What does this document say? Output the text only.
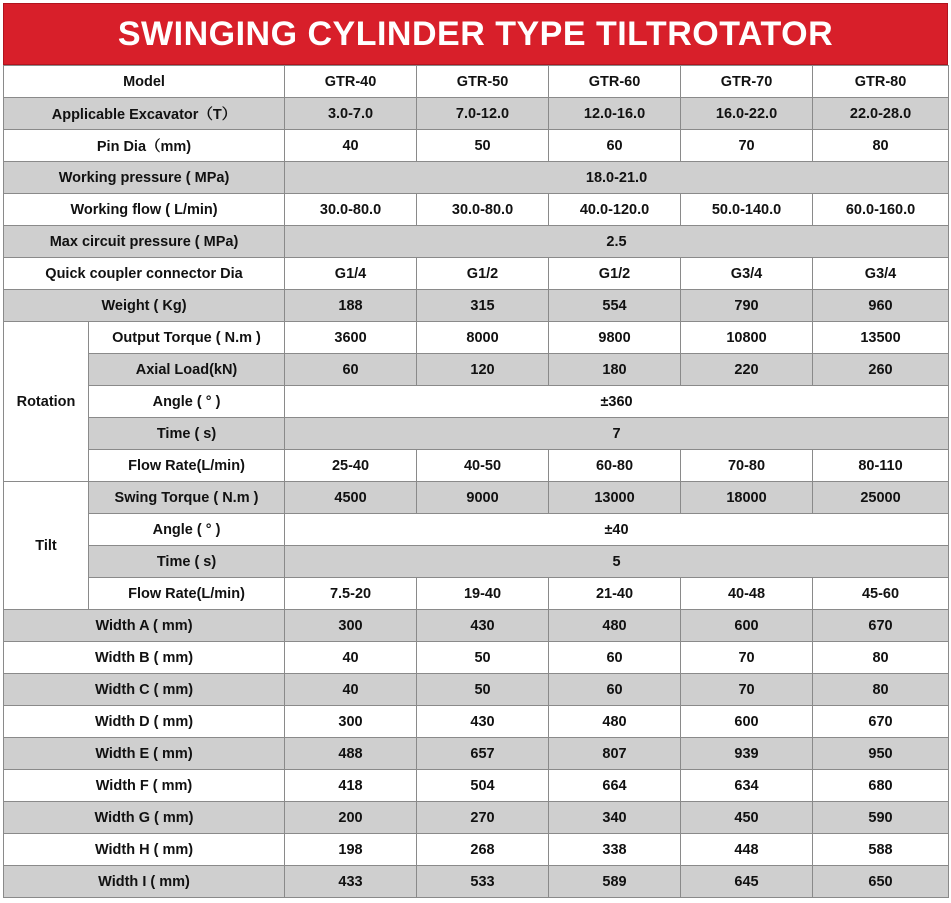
SWINGING CYLINDER TYPE TILTROTATOR
Model		GTR-40	GTR-50	GTR-60	GTR-70	GTR-80
Applicable Excavator（T）		3.0-7.0	7.0-12.0	12.0-16.0	16.0-22.0	22.0-28.0
Pin Dia（mm)		40	50	60	70	80
Working pressure ( MPa)		18.0-21.0				
Working flow ( L/min)		30.0-80.0	30.0-80.0	40.0-120.0	50.0-140.0	60.0-160.0
Max circuit pressure ( MPa)		2.5				
Quick coupler connector Dia		G1/4	G1/2	G1/2	G3/4	G3/4
Weight ( Kg)		188	315	554	790	960
Rotation	Output Torque ( N.m )	3600	8000	9800	10800	13500
	Axial Load(kN)	60	120	180	220	260
	Angle ( ° )	±360				
	Time ( s)	7				
	Flow Rate(L/min)	25-40	40-50	60-80	70-80	80-110
Tilt	Swing Torque ( N.m )	4500	9000	13000	18000	25000
	Angle ( ° )	±40				
	Time ( s)	5				
	Flow Rate(L/min)	7.5-20	19-40	21-40	40-48	45-60
Width A ( mm)		300	430	480	600	670
Width B ( mm)		40	50	60	70	80
Width C ( mm)		40	50	60	70	80
Width D ( mm)		300	430	480	600	670
Width E ( mm)		488	657	807	939	950
Width F ( mm)		418	504	664	634	680
Width G ( mm)		200	270	340	450	590
Width H ( mm)		198	268	338	448	588
Width I ( mm)		433	533	589	645	650
